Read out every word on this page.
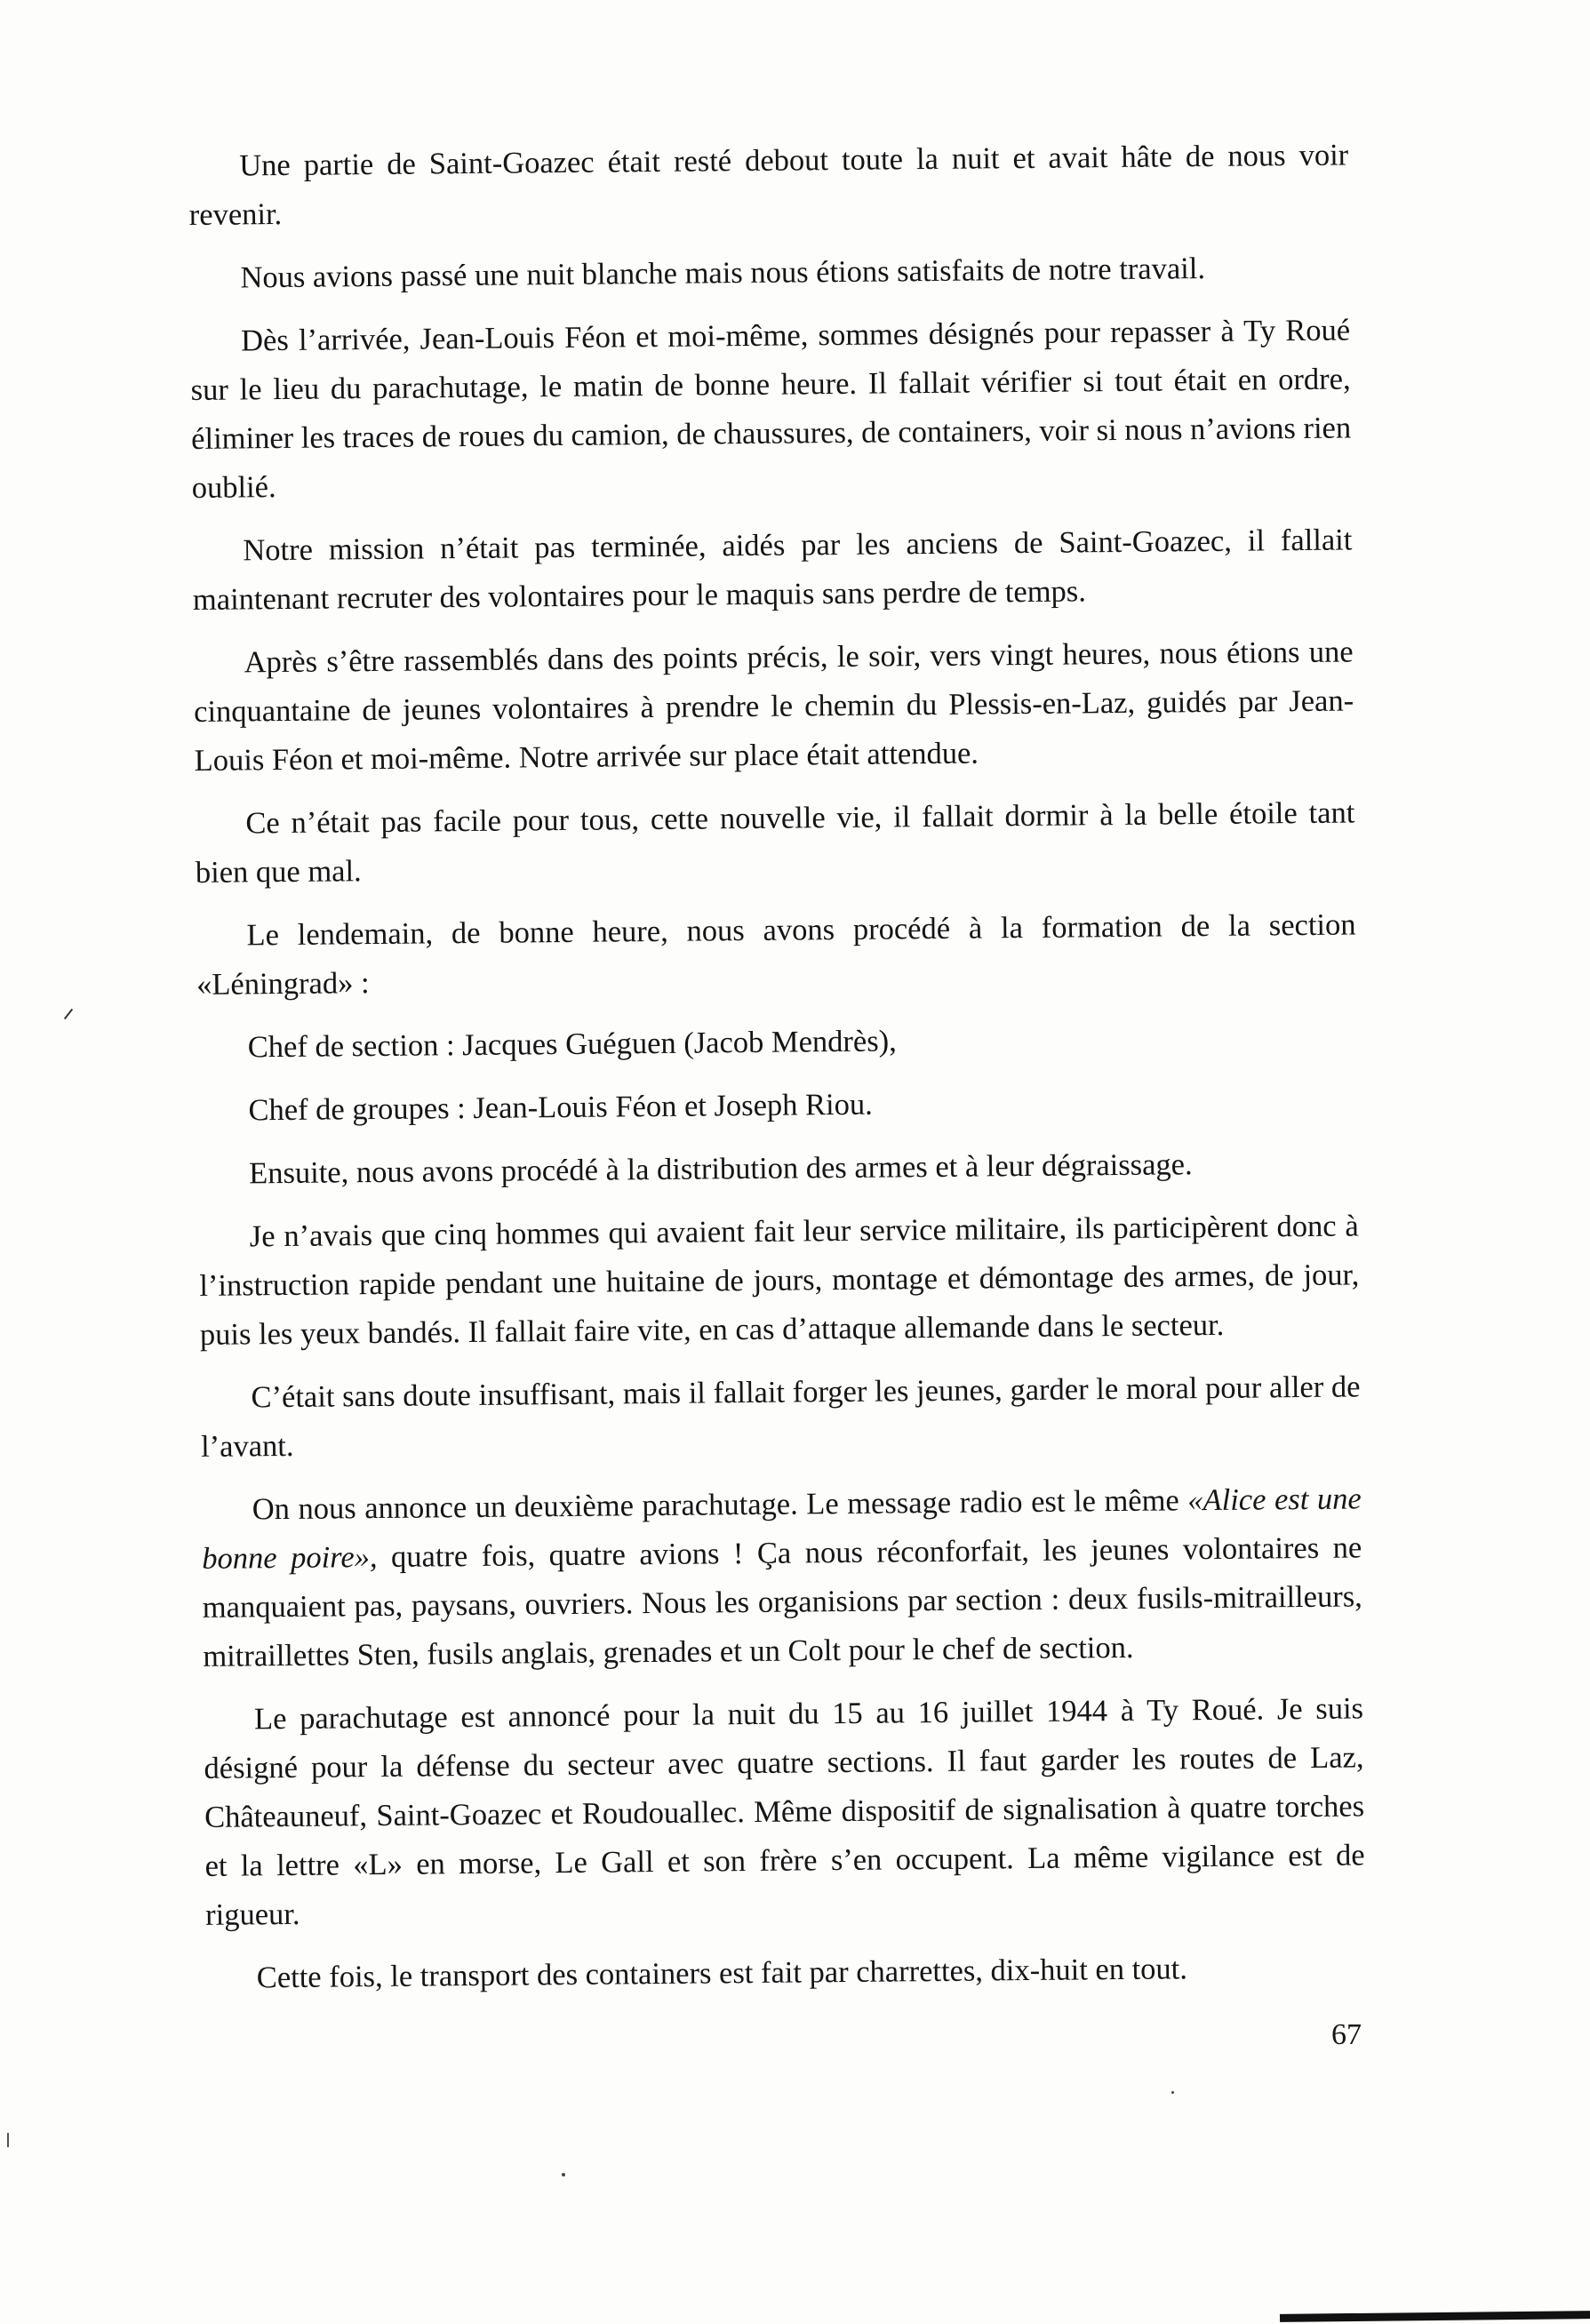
Une partie de Saint-Goazec était resté debout toute la nuit et avait hâte de nous voir revenir.

Nous avions passé une nuit blanche mais nous étions satisfaits de notre travail.

Dès l’arrivée, Jean-Louis Féon et moi-même, sommes désignés pour repasser à Ty Roué sur le lieu du parachutage, le matin de bonne heure. Il fallait vérifier si tout était en ordre, éliminer les traces de roues du camion, de chaussures, de containers, voir si nous n’avions rien oublié.

Notre mission n’était pas terminée, aidés par les anciens de Saint-Goazec, il fallait maintenant recruter des volontaires pour le maquis sans perdre de temps.

Après s’être rassemblés dans des points précis, le soir, vers vingt heures, nous étions une cinquantaine de jeunes volontaires à prendre le chemin du Plessis-en-Laz, guidés par Jean-Louis Féon et moi-même. Notre arrivée sur place était attendue.

Ce n’était pas facile pour tous, cette nouvelle vie, il fallait dormir à la belle étoile tant bien que mal.

Le lendemain, de bonne heure, nous avons procédé à la formation de la section «Léningrad» :

Chef de section : Jacques Guéguen (Jacob Mendrès),

Chef de groupes : Jean-Louis Féon et Joseph Riou.

Ensuite, nous avons procédé à la distribution des armes et à leur dégraissage.

Je n’avais que cinq hommes qui avaient fait leur service militaire, ils participèrent donc à l’instruction rapide pendant une huitaine de jours, montage et démontage des armes, de jour, puis les yeux bandés. Il fallait faire vite, en cas d’attaque allemande dans le secteur.

C’était sans doute insuffisant, mais il fallait forger les jeunes, garder le moral pour aller de l’avant.

On nous annonce un deuxième parachutage. Le message radio est le même «Alice est une bonne poire», quatre fois, quatre avions ! Ça nous réconforfait, les jeunes volontaires ne manquaient pas, paysans, ouvriers. Nous les organisions par section : deux fusils-mitrailleurs, mitraillettes Sten, fusils anglais, grenades et un Colt pour le chef de section.

Le parachutage est annoncé pour la nuit du 15 au 16 juillet 1944 à Ty Roué. Je suis désigné pour la défense du secteur avec quatre sections. Il faut garder les routes de Laz, Châteauneuf, Saint-Goazec et Roudouallec. Même dispositif de signalisation à quatre torches et la lettre «L» en morse, Le Gall et son frère s’en occupent. La même vigilance est de rigueur.

Cette fois, le transport des containers est fait par charrettes, dix-huit en tout.

67
